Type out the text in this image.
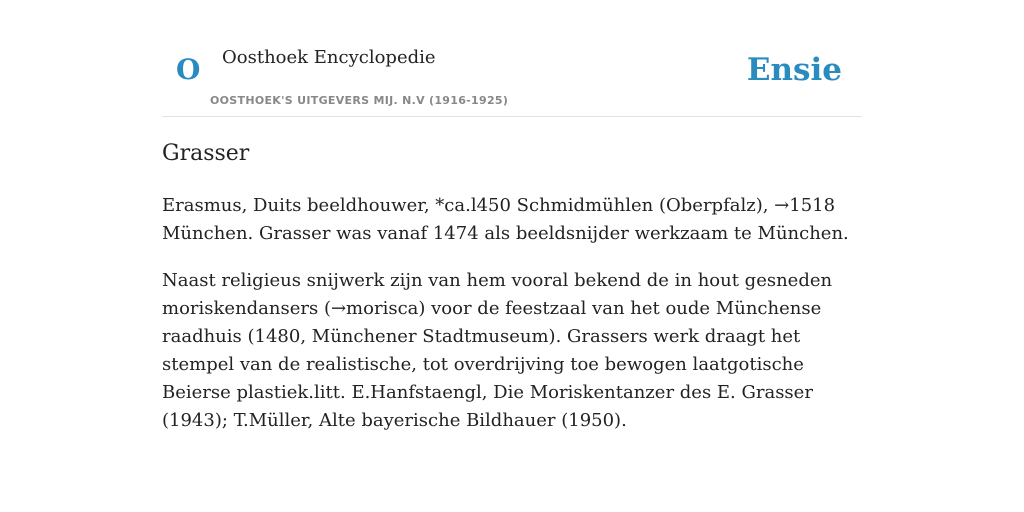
O Oosthoek Encyclopedie
OOSTHOEK'S UITGEVERS MIJ. N.V (1916-1925)
Ensie
Grasser

Erasmus, Duits beeldhouwer, *ca.l450 Schmidmühlen (Oberpfalz), →1518 München. Grasser was vanaf 1474 als beeldsnijder werkzaam te München.

Naast religieus snijwerk zijn van hem vooral bekend de in hout gesneden moriskendansers (→morisca) voor de feestzaal van het oude Münchense raadhuis (1480, Münchener Stadtmuseum). Grassers werk draagt het stempel van de realistische, tot overdrijving toe bewogen laatgotische Beierse plastiek.litt. E.Hanfstaengl, Die Moriskentanzer des E. Grasser (1943); T.Müller, Alte bayerische Bildhauer (1950).
